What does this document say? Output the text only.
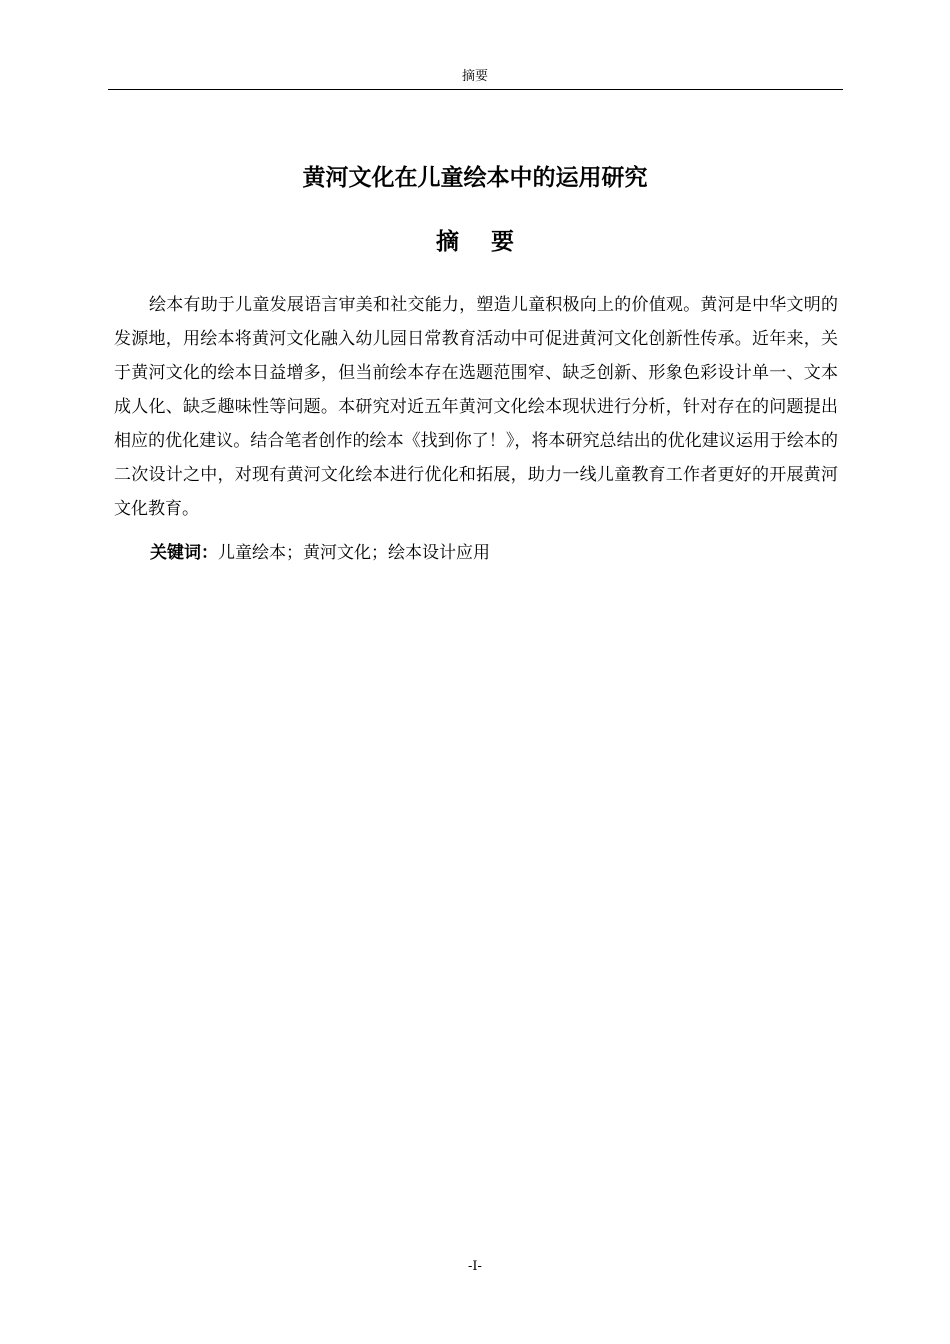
摘要
黄河文化在儿童绘本中的运用研究
摘 要

绘本有助于儿童发展语言审美和社交能力，塑造儿童积极向上的价值观。黄河是中华文明的发源地，用绘本将黄河文化融入幼儿园日常教育活动中可促进黄河文化创新性传承。近年来，关于黄河文化的绘本日益增多，但当前绘本存在选题范围窄、缺乏创新、形象色彩设计单一、文本成人化、缺乏趣味性等问题。本研究对近五年黄河文化绘本现状进行分析，针对存在的问题提出相应的优化建议。结合笔者创作的绘本《找到你了！》，将本研究总结出的优化建议运用于绘本的二次设计之中，对现有黄河文化绘本进行优化和拓展，助力一线儿童教育工作者更好的开展黄河文化教育。

关键词：儿童绘本；黄河文化；绘本设计应用

-I-
